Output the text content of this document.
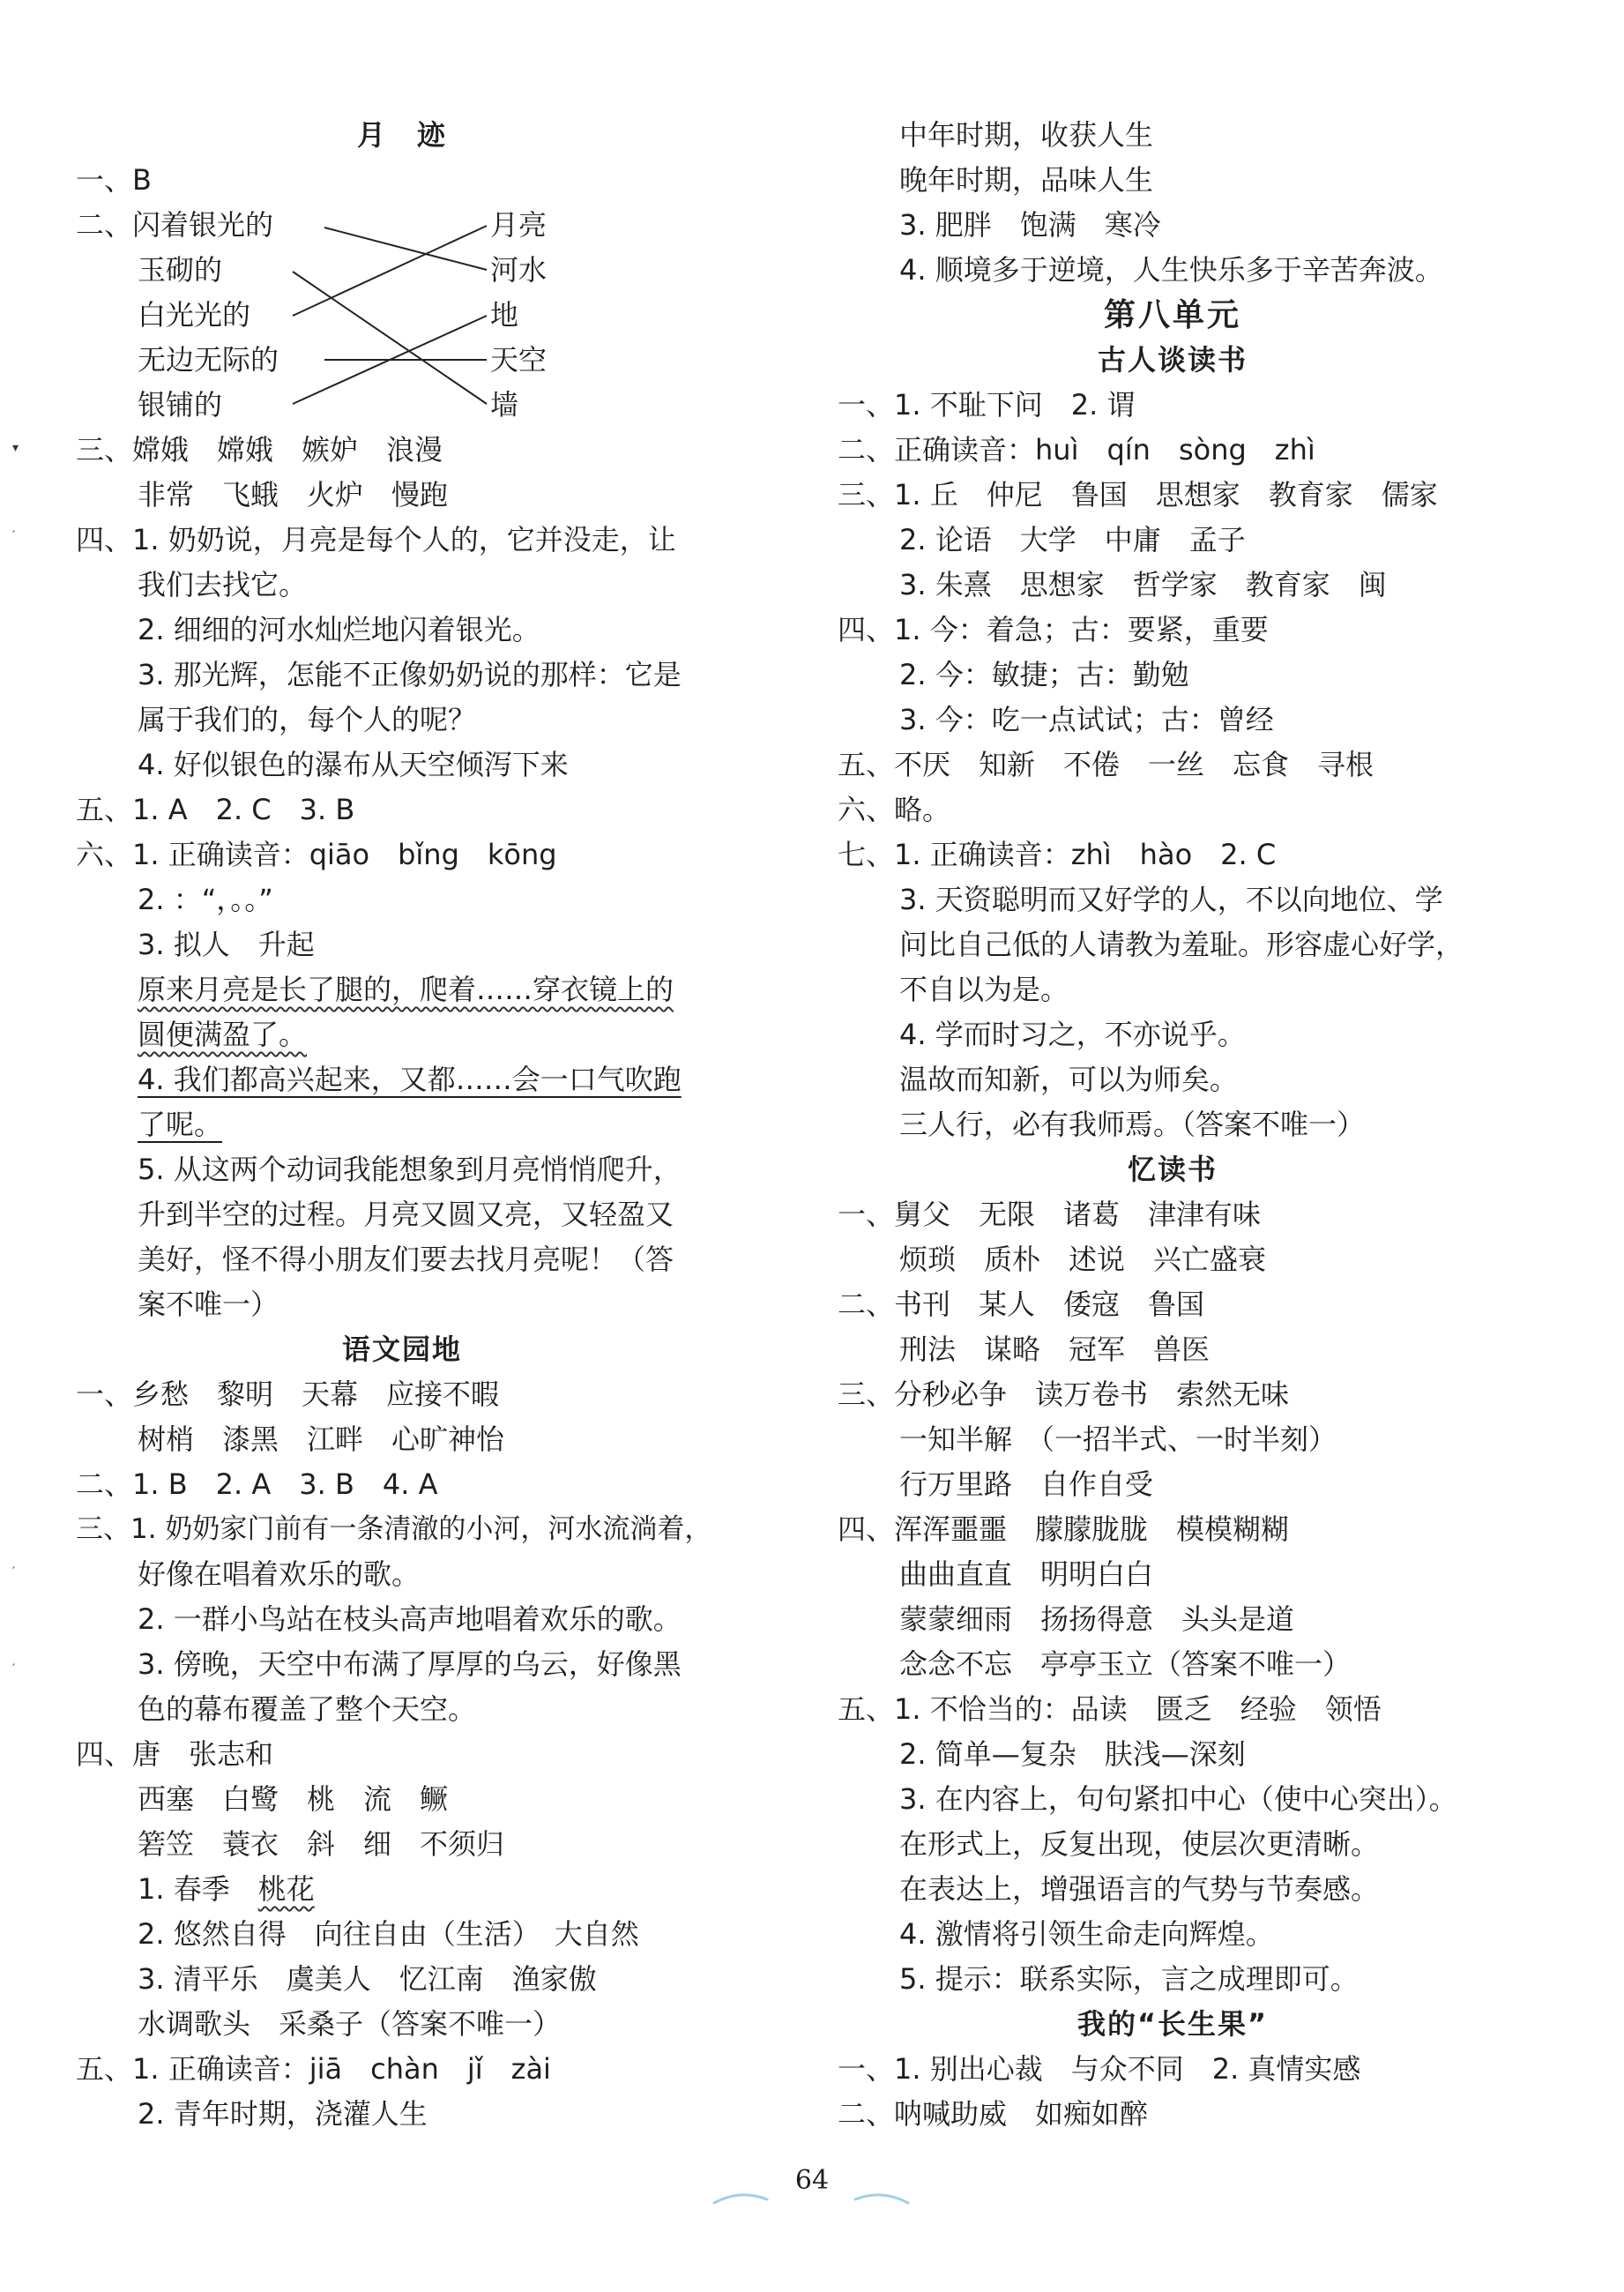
月　迹
一、B
三、嫦娥　嫦娥　嫉妒　浪漫
非常　飞蛾　火炉　慢跑
四、1. 奶奶说，月亮是每个人的，它并没走，让
我们去找它。
2. 细细的河水灿烂地闪着银光。
3. 那光辉，怎能不正像奶奶说的那样：它是
属于我们的，每个人的呢？
4. 好似银色的瀑布从天空倾泻下来
五、1. A　2. C　3. B
六、1. 正确读音：qiāo　bǐng　kōng
2. ：“，。。”
3. 拟人　升起
原来月亮是长了腿的，爬着……穿衣镜上的
圆便满盈了。
4. 我们都高兴起来，又都……会一口气吹跑
了呢。
5. 从这两个动词我能想象到月亮悄悄爬升，
升到半空的过程。月亮又圆又亮，又轻盈又
美好，怪不得小朋友们要去找月亮呢！（答
案不唯一）
语文园地
一、乡愁　黎明　天幕　应接不暇
树梢　漆黑　江畔　心旷神怡
二、1. B　2. A　3. B　4. A
三、1. 奶奶家门前有一条清澈的小河，河水流淌着，
好像在唱着欢乐的歌。
2. 一群小鸟站在枝头高声地唱着欢乐的歌。
3. 傍晚，天空中布满了厚厚的乌云，好像黑
色的幕布覆盖了整个天空。
四、唐　张志和
西塞　白鹭　桃　流　鳜
箬笠　蓑衣　斜　细　不须归
1. 春季　桃花
2. 悠然自得　向往自由（生活）　大自然
3. 清平乐　虞美人　忆江南　渔家傲
水调歌头　采桑子（答案不唯一）
五、1. 正确读音：jiā　chàn　jǐ　zài
2. 青年时期，浇灌人生
二、闪着银光的
玉砌的
白光光的
无边无际的
银铺的
月亮
河水
地
天空
墙
中年时期，收获人生
晚年时期，品味人生
3. 肥胖　饱满　寒冷
4. 顺境多于逆境，人生快乐多于辛苦奔波。
第八单元
古人谈读书
一、1. 不耻下问　2. 谓
二、正确读音：huì　qín　sòng　zhì
三、1. 丘　仲尼　鲁国　思想家　教育家　儒家
2. 论语　大学　中庸　孟子
3. 朱熹　思想家　哲学家　教育家　闽
四、1. 今：着急；古：要紧，重要
2. 今：敏捷；古：勤勉
3. 今：吃一点试试；古：曾经
五、不厌　知新　不倦　一丝　忘食　寻根
六、略。
七、1. 正确读音：zhì　hào　2. C
3. 天资聪明而又好学的人，不以向地位、学
问比自己低的人请教为羞耻。形容虚心好学，
不自以为是。
4. 学而时习之，不亦说乎。
温故而知新，可以为师矣。
三人行，必有我师焉。（答案不唯一）
忆读书
一、舅父　无限　诸葛　津津有味
烦琐　质朴　述说　兴亡盛衰
二、书刊　某人　倭寇　鲁国
刑法　谋略　冠军　兽医
三、分秒必争　读万卷书　索然无味
一知半解　（一招半式、一时半刻）
行万里路　自作自受
四、浑浑噩噩　朦朦胧胧　模模糊糊
曲曲直直　明明白白
蒙蒙细雨　扬扬得意　头头是道
念念不忘　亭亭玉立（答案不唯一）
五、1. 不恰当的：品读　匮乏　经验　领悟
2. 简单—复杂　肤浅—深刻
3. 在内容上，句句紧扣中心（使中心突出）。
在形式上，反复出现，使层次更清晰。
在表达上，增强语言的气势与节奏感。
4. 激情将引领生命走向辉煌。
5. 提示：联系实际，言之成理即可。
我的“长生果”
一、1. 别出心裁　与众不同　2. 真情实感
二、呐喊助威　如痴如醉
64
▾
′
′
′
